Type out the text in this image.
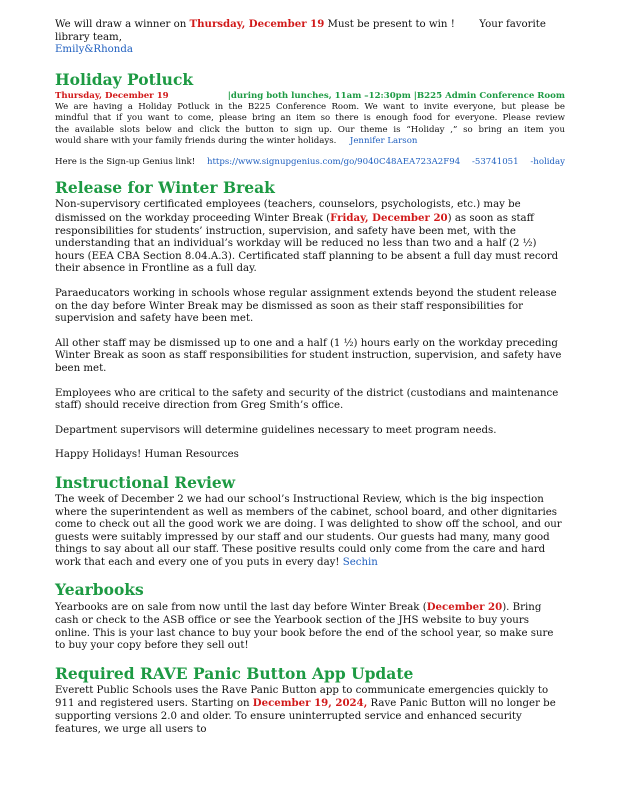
We will draw a winner on Thursday, December 19 Must be present to win ! Your favorite library team,
Emily&Rhonda
Holiday Potluck
Thursday, December 19	|during both lunches, 11am –12:30pm |B225 Admin Conference Room

We are having a Holiday Potluck in the B225 Conference Room. We want to invite everyone, but please be

mindful that if you want to come, please bring an item so there is enough food for everyone. Please review

the available slots below and click the button to sign up. Our theme is “Holiday ,” so bring an item you

would share with your family friends during the winter holidays. Jennifer Larson

Here is the Sign-up Genius link! https://www.signupgenius.com/go/9040C48AEA723A2F94 -53741051 -holiday
Release for Winter Break

Non-supervisory certificated employees (teachers, counselors, psychologists, etc.) may be dismissed on the workday proceeding Winter Break (Friday, December 20) as soon as staff responsibilities for students’ instruction, supervision, and safety have been met, with the understanding that an individual’s workday will be reduced no less than two and a half (2 ½) hours (EEA CBA Section 8.04.A.3). Certificated staff planning to be absent a full day must record their absence in Frontline as a full day.

Paraeducators working in schools whose regular assignment extends beyond the student release on the day before Winter Break may be dismissed as soon as their staff responsibilities for supervision and safety have been met.

All other staff may be dismissed up to one and a half (1 ½) hours early on the workday preceding Winter Break as soon as staff responsibilities for student instruction, supervision, and safety have been met.

Employees who are critical to the safety and security of the district (custodians and maintenance staff) should receive direction from Greg Smith’s office.

Department supervisors will determine guidelines necessary to meet program needs.

Happy Holidays! Human Resources

Instructional Review

The week of December 2 we had our school’s Instructional Review, which is the big inspection where the superintendent as well as members of the cabinet, school board, and other dignitaries come to check out all the good work we are doing. I was delighted to show off the school, and our guests were suitably impressed by our staff and our students. Our guests had many, many good things to say about all our staff. These positive results could only come from the care and hard work that each and every one of you puts in every day! Sechin

Yearbooks

Yearbooks are on sale from now until the last day before Winter Break (December 20). Bring cash or check to the ASB office or see the Yearbook section of the JHS website to buy yours online. This is your last chance to buy your book before the end of the school year, so make sure to buy your copy before they sell out!

Required RAVE Panic Button App Update

Everett Public Schools uses the Rave Panic Button app to communicate emergencies quickly to 911 and registered users. Starting on December 19, 2024, Rave Panic Button will no longer be supporting versions 2.0 and older. To ensure uninterrupted service and enhanced security features, we urge all users to
